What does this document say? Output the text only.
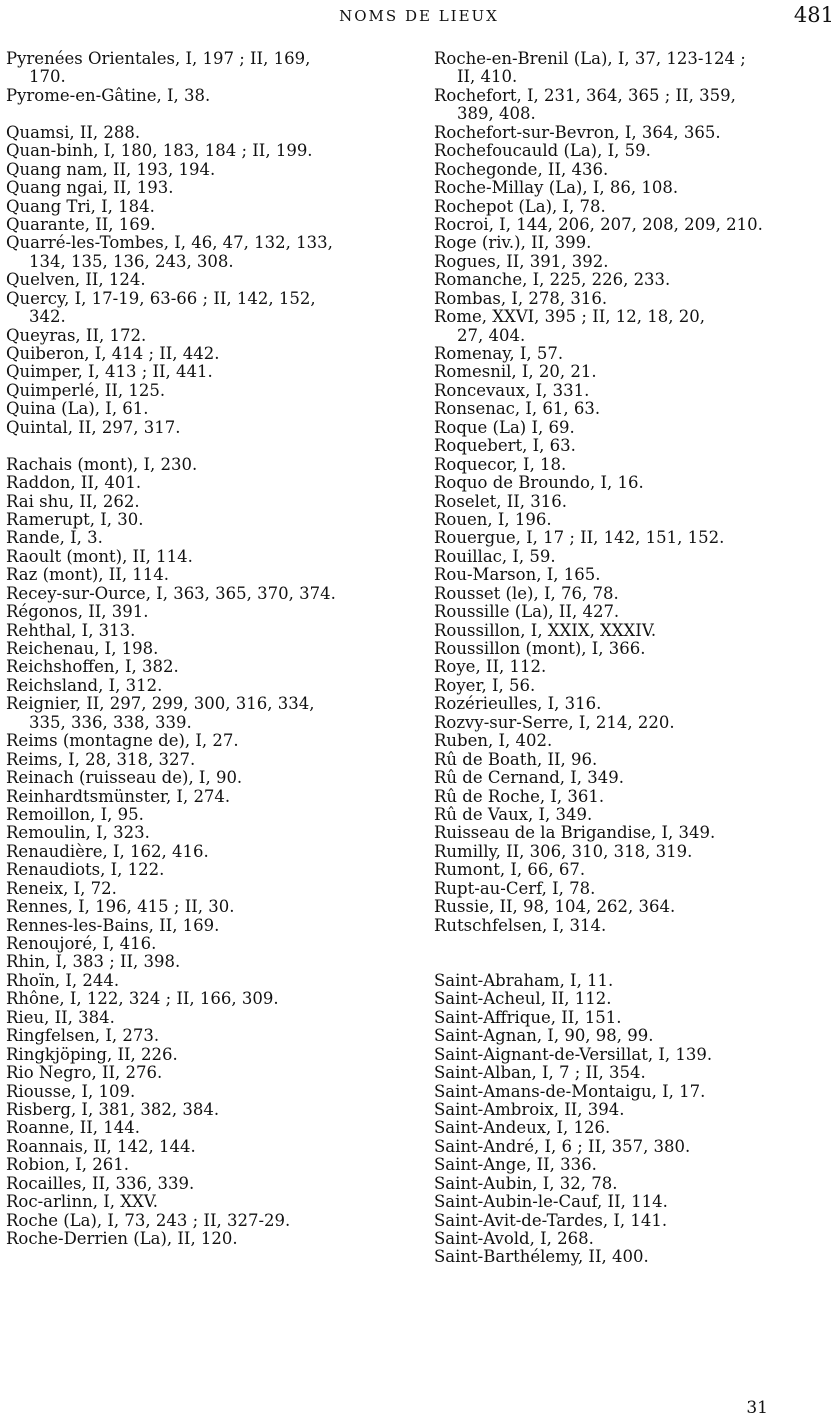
NOMS DE LIEUX	481
Pyrenées Orientales, I, 197 ; II, 169,
170.
Pyrome-en-Gâtine, I, 38.
Quamsi, II, 288.
Quan-binh, I, 180, 183, 184 ; II, 199.
Quang nam, II, 193, 194.
Quang ngai, II, 193.
Quang Tri, I, 184.
Quarante, II, 169.
Quarré-les-Tombes, I, 46, 47, 132, 133,
134, 135, 136, 243, 308.
Quelven, II, 124.
Quercy, I, 17-19, 63-66 ; II, 142, 152,
342.
Queyras, II, 172.
Quiberon, I, 414 ; II, 442.
Quimper, I, 413 ; II, 441.
Quimperlé, II, 125.
Quina (La), I, 61.
Quintal, II, 297, 317.
Rachais (mont), I, 230.
Raddon, II, 401.
Rai shu, II, 262.
Ramerupt, I, 30.
Rande, I, 3.
Raoult (mont), II, 114.
Raz (mont), II, 114.
Recey-sur-Ource, I, 363, 365, 370, 374.
Régonos, II, 391.
Rehthal, I, 313.
Reichenau, I, 198.
Reichshoffen, I, 382.
Reichsland, I, 312.
Reignier, II, 297, 299, 300, 316, 334,
335, 336, 338, 339.
Reims (montagne de), I, 27.
Reims, I, 28, 318, 327.
Reinach (ruisseau de), I, 90.
Reinhardtsmünster, I, 274.
Remoillon, I, 95.
Remoulin, I, 323.
Renaudière, I, 162, 416.
Renaudiots, I, 122.
Reneix, I, 72.
Rennes, I, 196, 415 ; II, 30.
Rennes-les-Bains, II, 169.
Renoujoré, I, 416.
Rhin, I, 383 ; II, 398.
Rhoïn, I, 244.
Rhône, I, 122, 324 ; II, 166, 309.
Rieu, II, 384.
Ringfelsen, I, 273.
Ringkjöping, II, 226.
Rio Negro, II, 276.
Riousse, I, 109.
Risberg, I, 381, 382, 384.
Roanne, II, 144.
Roannais, II, 142, 144.
Robion, I, 261.
Rocailles, II, 336, 339.
Roc-arlinn, I, XXV.
Roche (La), I, 73, 243 ; II, 327-29.
Roche-Derrien (La), II, 120.
Roche-en-Brenil (La), I, 37, 123-124 ;
II, 410.
Rochefort, I, 231, 364, 365 ; II, 359,
389, 408.
Rochefort-sur-Bevron, I, 364, 365.
Rochefoucauld (La), I, 59.
Rochegonde, II, 436.
Roche-Millay (La), I, 86, 108.
Rochepot (La), I, 78.
Rocroi, I, 144, 206, 207, 208, 209, 210.
Roge (riv.), II, 399.
Rogues, II, 391, 392.
Romanche, I, 225, 226, 233.
Rombas, I, 278, 316.
Rome, XXVI, 395 ; II, 12, 18, 20,
27, 404.
Romenay, I, 57.
Romesnil, I, 20, 21.
Roncevaux, I, 331.
Ronsenac, I, 61, 63.
Roque (La) I, 69.
Roquebert, I, 63.
Roquecor, I, 18.
Roquo de Broundo, I, 16.
Roselet, II, 316.
Rouen, I, 196.
Rouergue, I, 17 ; II, 142, 151, 152.
Rouillac, I, 59.
Rou-Marson, I, 165.
Rousset (le), I, 76, 78.
Roussille (La), II, 427.
Roussillon, I, XXIX, XXXIV.
Roussillon (mont), I, 366.
Roye, II, 112.
Royer, I, 56.
Rozérieulles, I, 316.
Rozvy-sur-Serre, I, 214, 220.
Ruben, I, 402.
Rû de Boath, II, 96.
Rû de Cernand, I, 349.
Rû de Roche, I, 361.
Rû de Vaux, I, 349.
Ruisseau de la Brigandise, I, 349.
Rumilly, II, 306, 310, 318, 319.
Rumont, I, 66, 67.
Rupt-au-Cerf, I, 78.
Russie, II, 98, 104, 262, 364.
Rutschfelsen, I, 314.
Saint-Abraham, I, 11.
Saint-Acheul, II, 112.
Saint-Affrique, II, 151.
Saint-Agnan, I, 90, 98, 99.
Saint-Aignant-de-Versillat, I, 139.
Saint-Alban, I, 7 ; II, 354.
Saint-Amans-de-Montaigu, I, 17.
Saint-Ambroix, II, 394.
Saint-Andeux, I, 126.
Saint-André, I, 6 ; II, 357, 380.
Saint-Ange, II, 336.
Saint-Aubin, I, 32, 78.
Saint-Aubin-le-Cauf, II, 114.
Saint-Avit-de-Tardes, I, 141.
Saint-Avold, I, 268.
Saint-Barthélemy, II, 400.
31
